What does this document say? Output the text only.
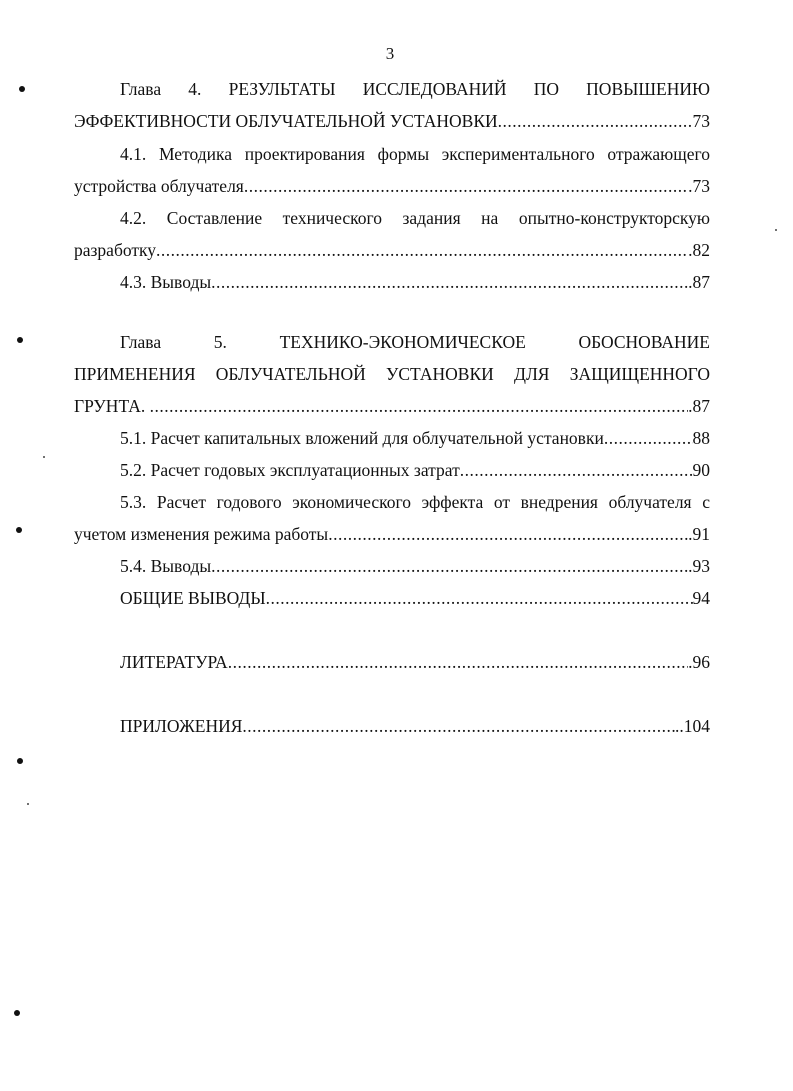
3
Глава 4. РЕЗУЛЬТАТЫ ИССЛЕДОВАНИЙ ПО ПОВЫШЕНИЮ
ЭФФЕКТИВНОСТИ ОБЛУЧАТЕЛЬНОЙ УСТАНОВКИ .....	73
4.1. Методика проектирования формы экспериментального отражающего
устройства облучателя .....	.73
4.2. Составление технического задания на опытно-конструкторскую
разработку .....	.82
4.3. Выводы .....	.87
Глава 5. ТЕХНИКО-ЭКОНОМИЧЕСКОЕ ОБОСНОВАНИЕ
ПРИМЕНЕНИЯ ОБЛУЧАТЕЛЬНОЙ УСТАНОВКИ ДЛЯ ЗАЩИЩЕННОГО
ГРУНТА. .....	.87
5.1. Расчет капитальных вложений для облучательной установки .....	88
5.2. Расчет годовых эксплуатационных затрат .....	90
5.3. Расчет годового экономического эффекта от внедрения облучателя с
учетом изменения режима работы .....	.91
5.4. Выводы .....	.93
ОБЩИЕ ВЫВОДЫ .....	94
ЛИТЕРАТУРА .....	.96
ПРИЛОЖЕНИЯ .....	..104
